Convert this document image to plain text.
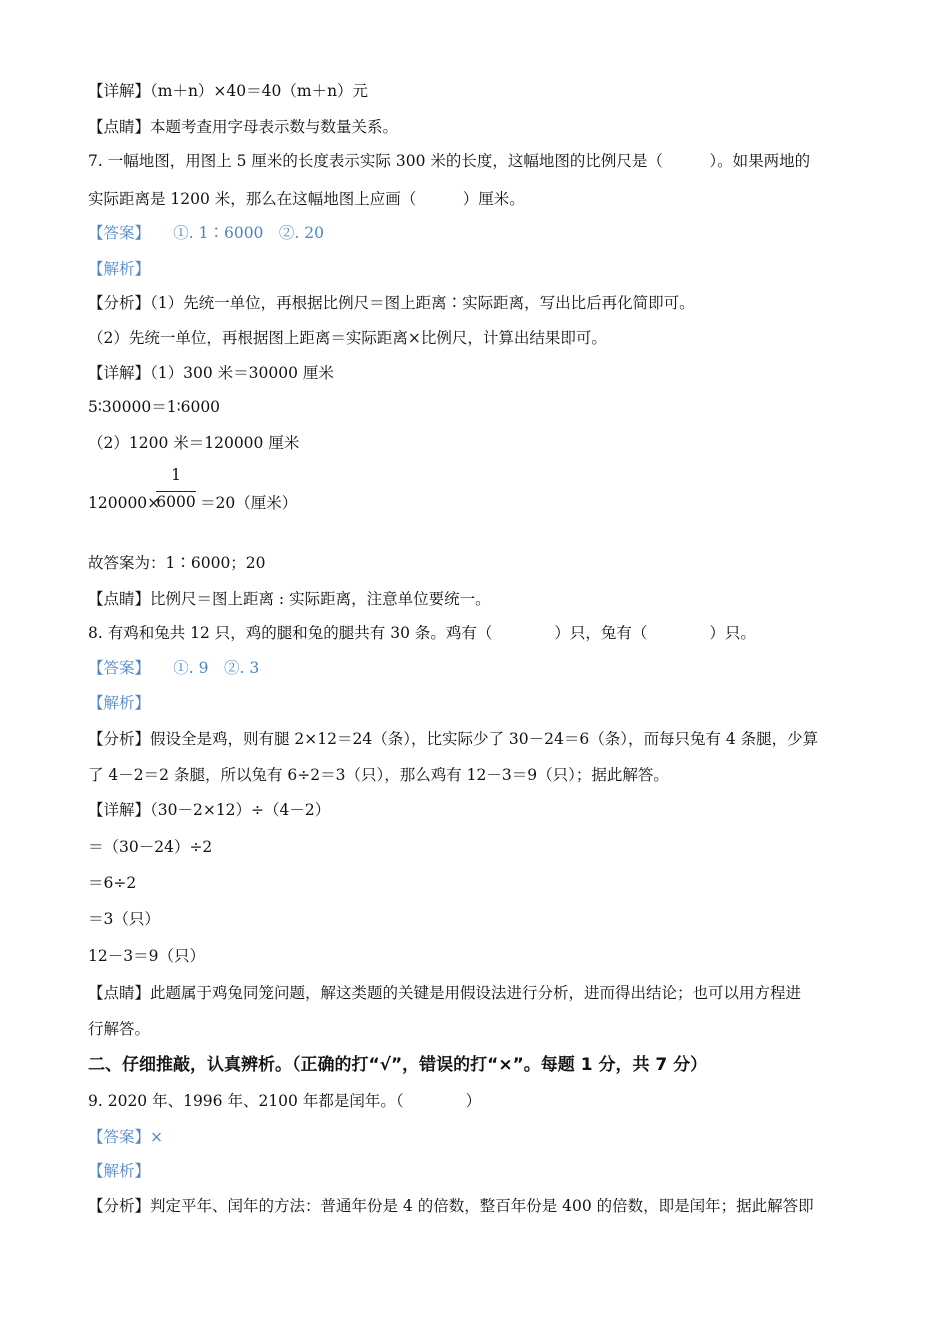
【详解】（m＋n）×40＝40（m＋n）元
【点睛】本题考查用字母表示数与数量关系。
7. 一幅地图，用图上 5 厘米的长度表示实际 300 米的长度，这幅地图的比例尺是（　　　）。如果两地的
实际距离是 1200 米，那么在这幅地图上应画（　　　）厘米。
【答案】　　①. 1∶6000　②. 20
【解析】
【分析】（1）先统一单位，再根据比例尺＝图上距离∶实际距离，写出比后再化简即可。
（2）先统一单位，再根据图上距离＝实际距离×比例尺，计算出结果即可。
【详解】（1）300 米＝30000 厘米
5∶30000＝1∶6000
（2）1200 米＝120000 厘米
120000×
1
6000 ＝20（厘米）
故答案为：1∶6000；20
【点睛】比例尺＝图上距离 : 实际距离，注意单位要统一。
8. 有鸡和兔共 12 只，鸡的腿和兔的腿共有 30 条。鸡有（　　　　）只，兔有（　　　　）只。
【答案】　　①. 9　②. 3
【解析】
【分析】假设全是鸡，则有腿 2×12＝24（条），比实际少了 30－24＝6（条），而每只兔有 4 条腿，少算
了 4－2＝2 条腿，所以兔有 6÷2＝3（只），那么鸡有 12－3＝9（只）；据此解答。
【详解】（30－2×12）÷（4－2）
＝（30－24）÷2
＝6÷2
＝3（只）
12－3＝9（只）
【点睛】此题属于鸡兔同笼问题，解这类题的关键是用假设法进行分析，进而得出结论；也可以用方程进
行解答。
二、仔细推敲，认真辨析。（正确的打“√”，错误的打“×”。每题 1 分，共 7 分）
9. 2020 年、1996 年、2100 年都是闰年。（　　　　）
【答案】×
【解析】
【分析】判定平年、闰年的方法：普通年份是 4 的倍数，整百年份是 400 的倍数，即是闰年；据此解答即
